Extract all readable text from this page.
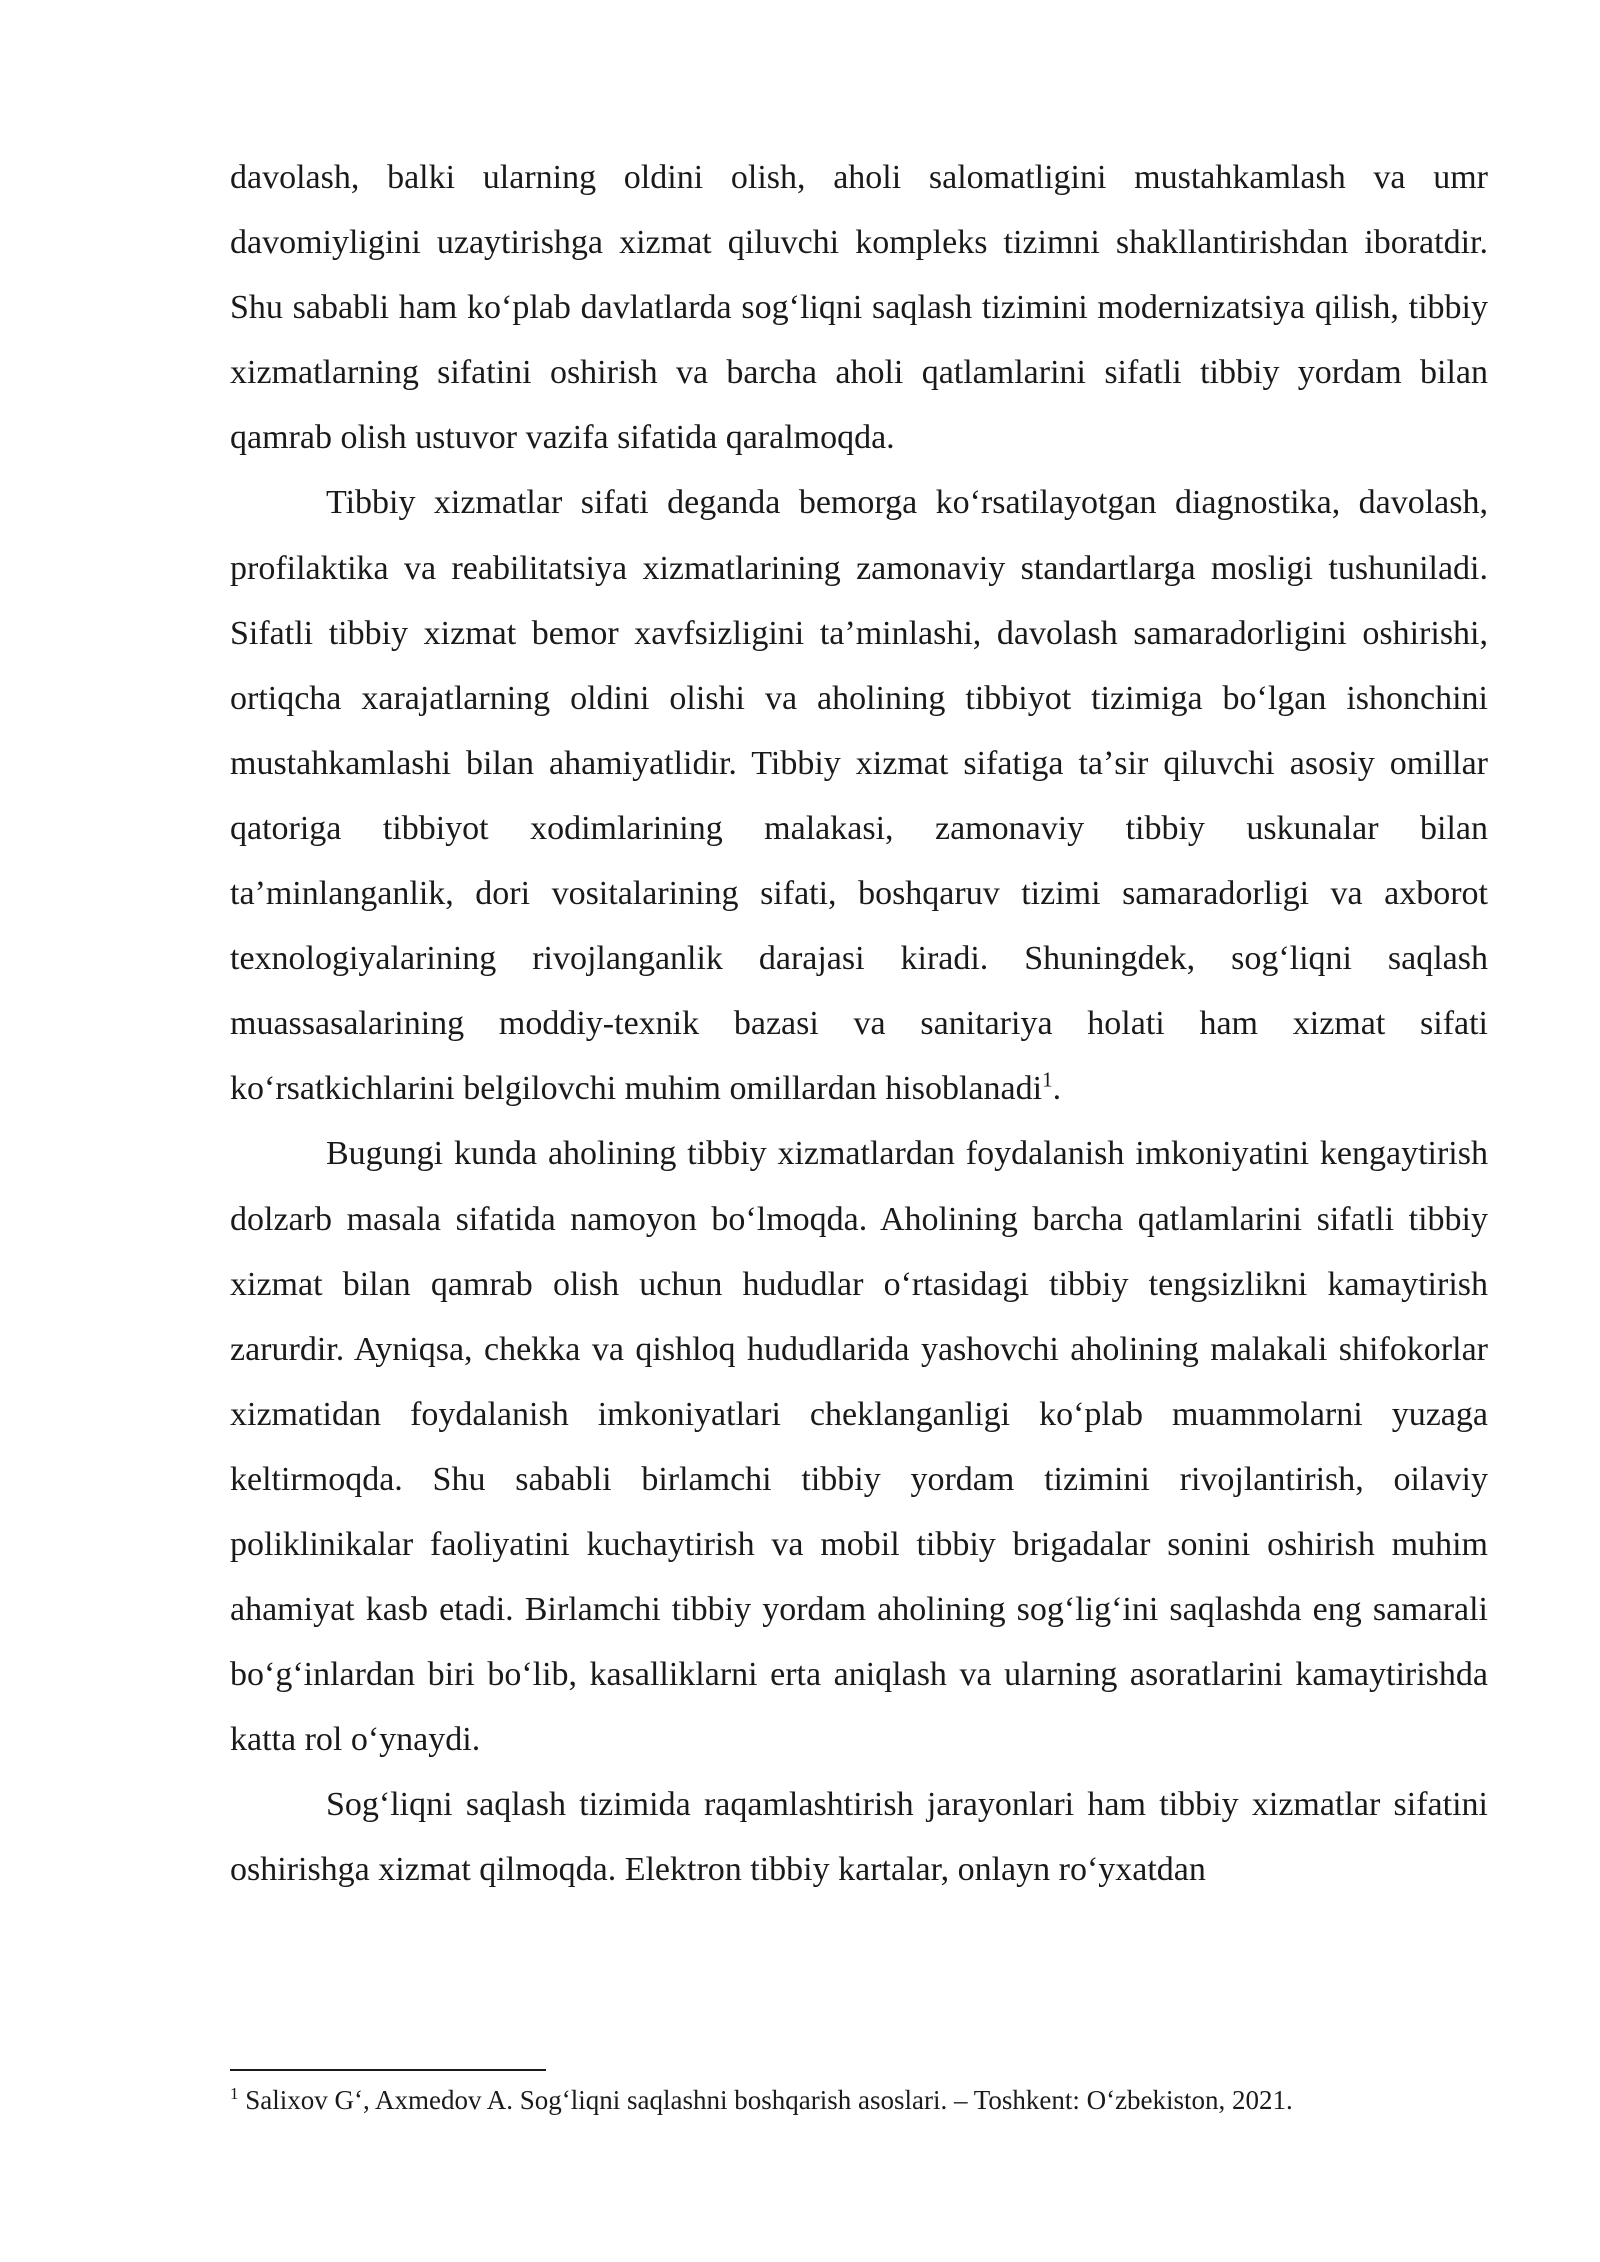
davolash, balki ularning oldini olish, aholi salomatligini mustahkamlash va umr davomiyligini uzaytirishga xizmat qiluvchi kompleks tizimni shakllantirishdan iboratdir. Shu sababli ham koʻplab davlatlarda sogʻliqni saqlash tizimini modernizatsiya qilish, tibbiy xizmatlarning sifatini oshirish va barcha aholi qatlamlarini sifatli tibbiy yordam bilan qamrab olish ustuvor vazifa sifatida qaralmoqda.

Tibbiy xizmatlar sifati deganda bemorga koʻrsatilayotgan diagnostika, davolash, profilaktika va reabilitatsiya xizmatlarining zamonaviy standartlarga mosligi tushuniladi. Sifatli tibbiy xizmat bemor xavfsizligini taʼminlashi, davolash samaradorligini oshirishi, ortiqcha xarajatlarning oldini olishi va aholining tibbiyot tizimiga boʻlgan ishonchini mustahkamlashi bilan ahamiyatlidir. Tibbiy xizmat sifatiga taʼsir qiluvchi asosiy omillar qatoriga tibbiyot xodimlarining malakasi, zamonaviy tibbiy uskunalar bilan taʼminlanganlik, dori vositalarining sifati, boshqaruv tizimi samaradorligi va axborot texnologiyalarining rivojlanganlik darajasi kiradi. Shuningdek, sogʻliqni saqlash muassasalarining moddiy-texnik bazasi va sanitariya holati ham xizmat sifati koʻrsatkichlarini belgilovchi muhim omillardan hisoblanadi$^1$.

Bugungi kunda aholining tibbiy xizmatlardan foydalanish imkoniyatini kengaytirish dolzarb masala sifatida namoyon boʻlmoqda. Aholining barcha qatlamlarini sifatli tibbiy xizmat bilan qamrab olish uchun hududlar oʻrtasidagi tibbiy tengsizlikni kamaytirish zarurdir. Ayniqsa, chekka va qishloq hududlarida yashovchi aholining malakali shifokorlar xizmatidan foydalanish imkoniyatlari cheklanganligi koʻplab muammolarni yuzaga keltirmoqda. Shu sababli birlamchi tibbiy yordam tizimini rivojlantirish, oilaviy poliklinikalar faoliyatini kuchaytirish va mobil tibbiy brigadalar sonini oshirish muhim ahamiyat kasb etadi. Birlamchi tibbiy yordam aholining sogʻligʻini saqlashda eng samarali boʻgʻinlardan biri boʻlib, kasalliklarni erta aniqlash va ularning asoratlarini kamaytirishda katta rol oʻynaydi.

Sogʻliqni saqlash tizimida raqamlashtirish jarayonlari ham tibbiy xizmatlar sifatini oshirishga xizmat qilmoqda. Elektron tibbiy kartalar, onlayn roʻyxatdan

$^1$ Salixov Gʻ, Axmedov A. Sogʻliqni saqlashni boshqarish asoslari. – Toshkent: Oʻzbekiston, 2021.
